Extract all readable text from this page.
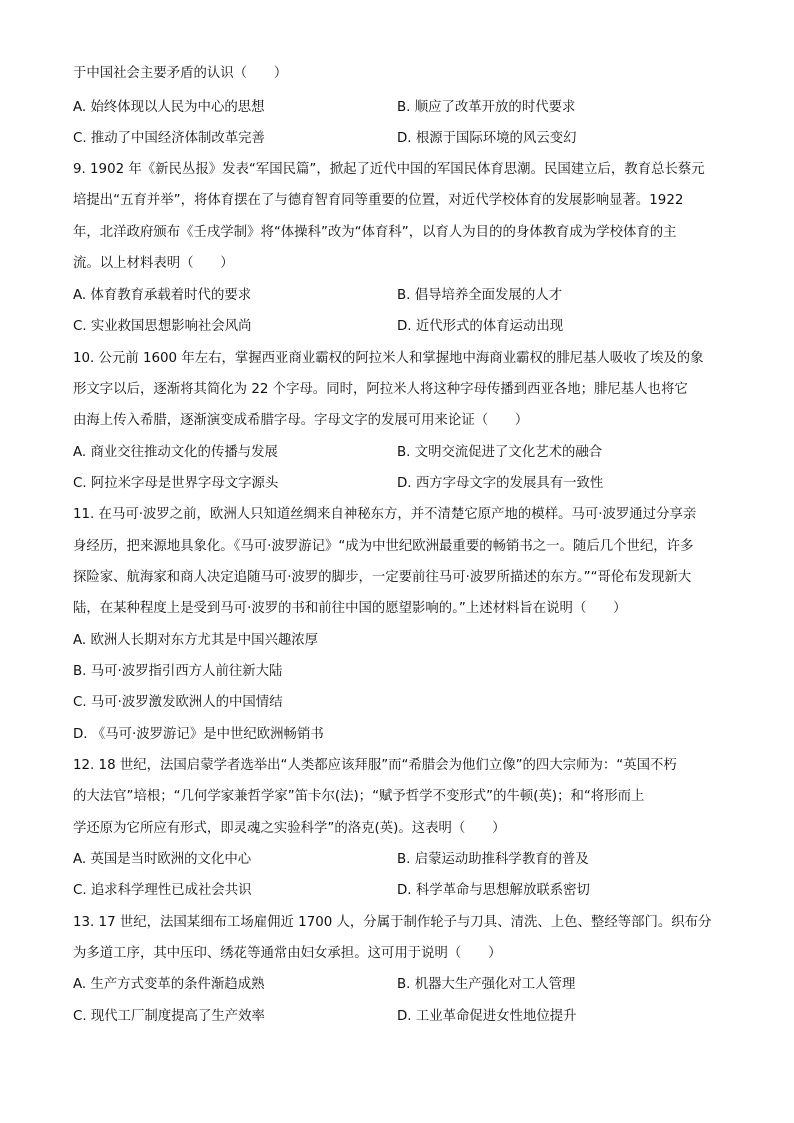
于中国社会主要矛盾的认识（　　）
A. 始终体现以人民为中心的思想	B. 顺应了改革开放的时代要求
C. 推动了中国经济体制改革完善	D. 根源于国际环境的风云变幻
9. 1902 年《新民丛报》发表“军国民篇”，掀起了近代中国的军国民体育思潮。民国建立后，教育总长蔡元
培提出“五育并举”，将体育摆在了与德育智育同等重要的位置，对近代学校体育的发展影响显著。1922
年，北洋政府颁布《壬戌学制》将“体操科”改为“体育科”，以育人为目的的身体教育成为学校体育的主
流。以上材料表明（　　）
A. 体育教育承载着时代的要求	B. 倡导培养全面发展的人才
C. 实业救国思想影响社会风尚	D. 近代形式的体育运动出现
10. 公元前 1600 年左右，掌握西亚商业霸权的阿拉米人和掌握地中海商业霸权的腓尼基人吸收了埃及的象
形文字以后，逐渐将其简化为 22 个字母。同时，阿拉米人将这种字母传播到西亚各地；腓尼基人也将它
由海上传入希腊，逐渐演变成希腊字母。字母文字的发展可用来论证（　　）
A. 商业交往推动文化的传播与发展	B. 文明交流促进了文化艺术的融合
C. 阿拉米字母是世界字母文字源头	D. 西方字母文字的发展具有一致性
11. 在马可·波罗之前，欧洲人只知道丝绸来自神秘东方，并不清楚它原产地的模样。马可·波罗通过分享亲
身经历，把来源地具象化。《马可·波罗游记》“成为中世纪欧洲最重要的畅销书之一。随后几个世纪，许多
探险家、航海家和商人决定追随马可·波罗的脚步，一定要前往马可·波罗所描述的东方。”“哥伦布发现新大
陆，在某种程度上是受到马可·波罗的书和前往中国的愿望影响的。”上述材料旨在说明（　　）
A. 欧洲人长期对东方尤其是中国兴趣浓厚
B. 马可·波罗指引西方人前往新大陆
C. 马可·波罗激发欧洲人的中国情结
D. 《马可·波罗游记》是中世纪欧洲畅销书
12. 18 世纪，法国启蒙学者选举出“人类都应该拜服”而“希腊会为他们立像”的四大宗师为：“英国不朽
的大法官”培根；“几何学家兼哲学家”笛卡尔(法)；“赋予哲学不变形式”的牛顿(英)；和“将形而上
学还原为它所应有形式，即灵魂之实验科学”的洛克(英)。这表明（　　）
A. 英国是当时欧洲的文化中心	B. 启蒙运动助推科学教育的普及
C. 追求科学理性已成社会共识	D. 科学革命与思想解放联系密切
13. 17 世纪，法国某细布工场雇佣近 1700 人，分属于制作轮子与刀具、清洗、上色、整经等部门。织布分
为多道工序，其中压印、绣花等通常由妇女承担。这可用于说明（　　）
A. 生产方式变革的条件渐趋成熟	B. 机器大生产强化对工人管理
C. 现代工厂制度提高了生产效率	D. 工业革命促进女性地位提升
